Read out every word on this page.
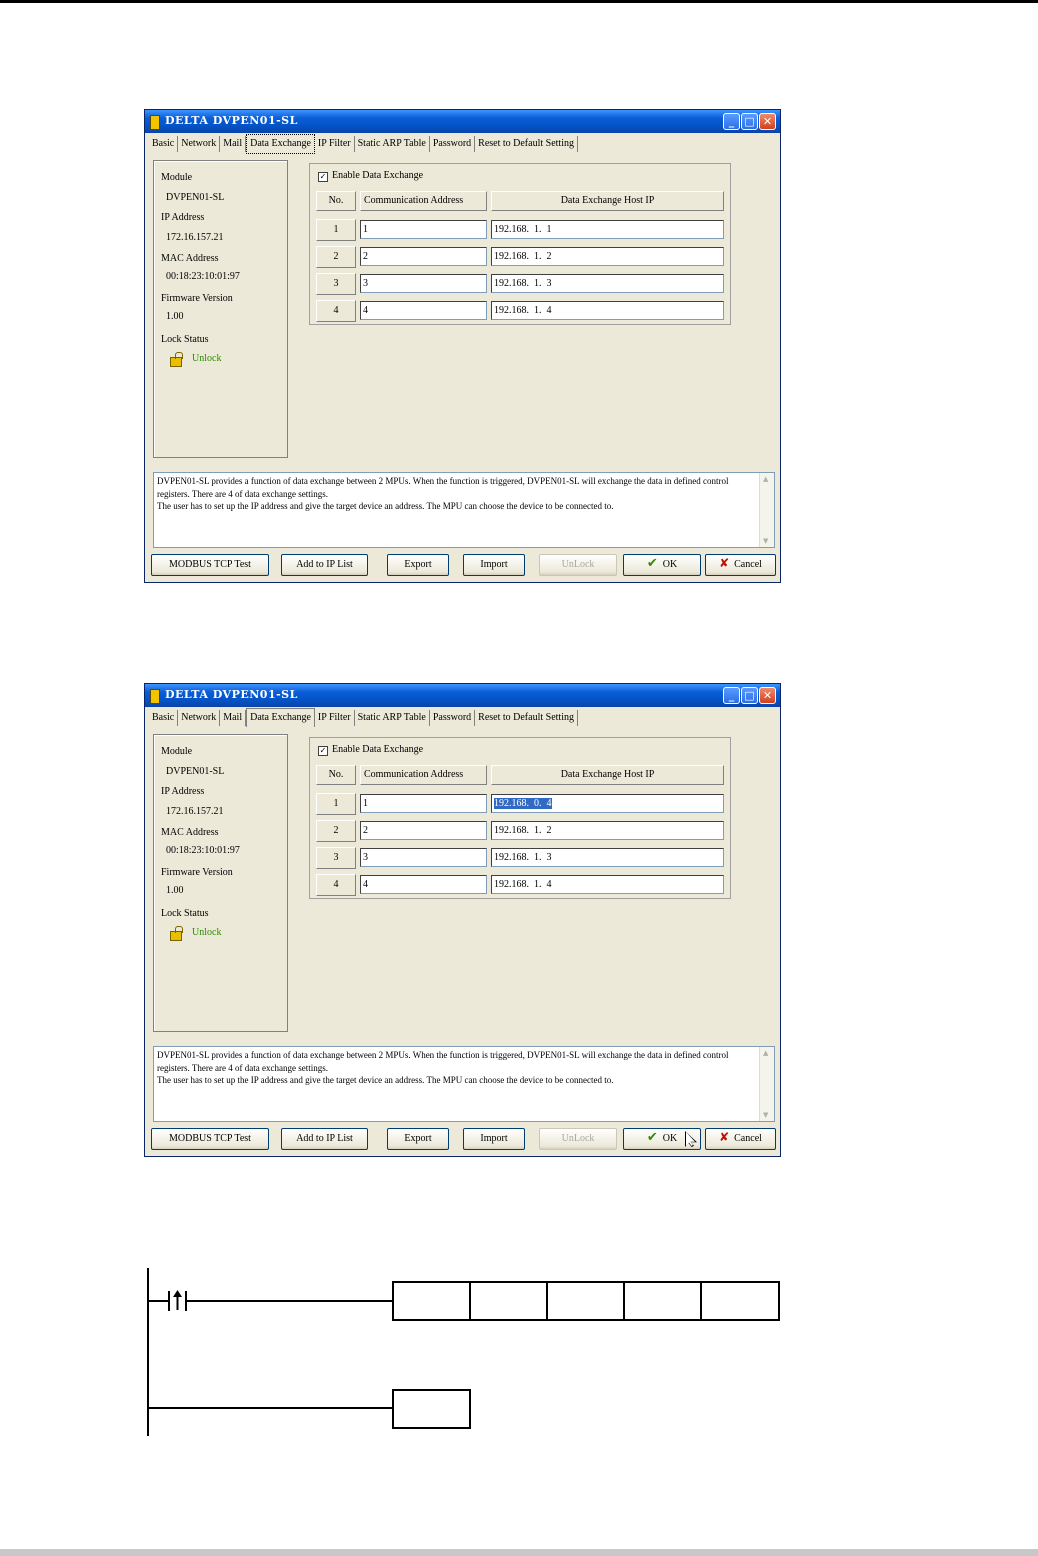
DELTA DVPEN01-SL	_ □ ✕
Basic Network Mail Data Exchange IP Filter Static ARP Table Password Reset to Default Setting
Module
DVPEN01-SL
IP Address
172.16.157.21
MAC Address
00:18:23:10:01:97
Firmware Version
1.00
Lock Status
Unlock
✓ Enable Data Exchange
No.	Communication Address	Data Exchange Host IP
1	1	192.168.  1.  1
2	2	192.168.  1.  2
3	3	192.168.  1.  3
4	4	192.168.  1.  4
DVPEN01-SL provides a function of data exchange between 2 MPUs. When the function is triggered, DVPEN01-SL will exchange the data in defined control registers. There are 4 of data exchange settings.
The user has to set up the IP address and give the target device an address. The MPU can choose the device to be connected to.
▲ ▼
MODBUS TCP Test	Add to IP List	Export	Import	UnLock	✔ OK	✘ Cancel
DELTA DVPEN01-SL	_ □ ✕
Basic Network Mail Data Exchange IP Filter Static ARP Table Password Reset to Default Setting
Module
DVPEN01-SL
IP Address
172.16.157.21
MAC Address
00:18:23:10:01:97
Firmware Version
1.00
Lock Status
Unlock
✓ Enable Data Exchange
No.	Communication Address	Data Exchange Host IP
1	1	192.168.  0.  4
2	2	192.168.  1.  2
3	3	192.168.  1.  3
4	4	192.168.  1.  4
DVPEN01-SL provides a function of data exchange between 2 MPUs. When the function is triggered, DVPEN01-SL will exchange the data in defined control registers. There are 4 of data exchange settings.
The user has to set up the IP address and give the target device an address. The MPU can choose the device to be connected to.
▲ ▼
MODBUS TCP Test	Add to IP List	Export	Import	UnLock	✔ OK	✘ Cancel
